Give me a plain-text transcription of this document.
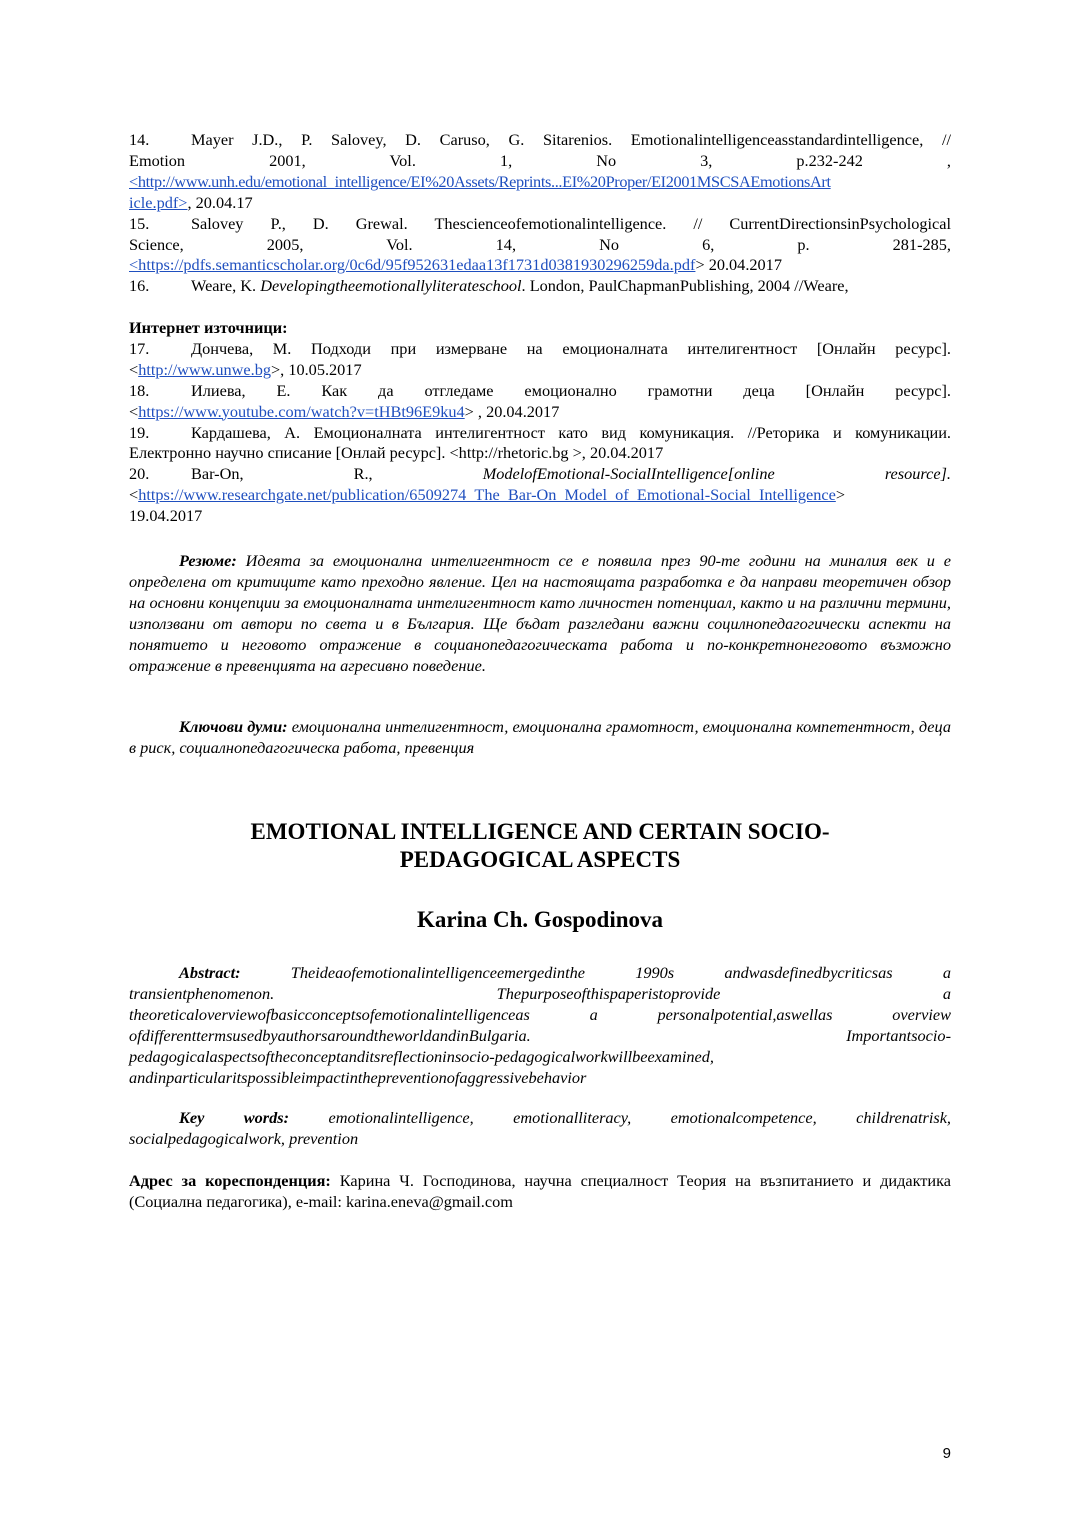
14.	Mayer J.D., P. Salovey, D. Caruso, G. Sitarenios. Emotionalintelligenceasstandardintelligence, //
Emotion 2001, Vol. 1, No 3, p.232-242 ,
<http://www.unh.edu/emotional_intelligence/EI%20Assets/Reprints...EI%20Proper/EI2001MSCSAEmotionsArt
icle.pdf>, 20.04.17
15.	Salovey P., D. Grewal. Thescienceofemotionalintelligence. // CurrentDirectionsinPsychological
Science, 2005, Vol. 14, No 6, p. 281-285,
<https://pdfs.semanticscholar.org/0c6d/95f952631edaa13f1731d0381930296259da.pdf> 20.04.2017
16.	Weare, K. Developingtheemotionallyliterateschool. London, PaulChapmanPublishing, 2004 //Weare,
Интернет източници:
17.	Дончева, М. Подходи при измерване на емоционалната интелигентност [Онлайн ресурс].
<http://www.unwe.bg>, 10.05.2017
18.	Илиева, Е. Как да отгледаме емоционално грамотни деца [Онлайн ресурс].
<https://www.youtube.com/watch?v=tHBt96E9ku4> , 20.04.2017
19.	Кардашева, А. Емоционалната интелигентност като вид комуникация. //Реторика и комуникации.
Електронно научно списание [Онлай ресурс]. <http://rhetoric.bg >, 20.04.2017
20.	Bar-On, R., ModelofEmotional-SocialIntelligence[online resource].
<https://www.researchgate.net/publication/6509274_The_Bar-On_Model_of_Emotional-Social_Intelligence>
19.04.2017
Резюме: Идеята за емоционална интелигентност се е появила през 90-те години на миналия век и е определена от критиците като преходно явление. Цел на настоящата разработка е да направи теоретичен обзор на основни концепции за емоционалната интелигентност като личностен потенциал, както и на различни термини, използвани от автори по света и в България. Ще бъдат разгледани важни социлнопедагогически аспекти на понятието и неговото отражение в социанопедагогическата работа и по-конкретнонеговото възможно отражение в превенцията на агресивно поведение.
Ключови думи: емоционална интелигентност, емоционална грамотност, емоционална компетентност, деца в риск, социалнопедагогическа работа, превенция
EMOTIONAL INTELLIGENCE AND CERTAIN SOCIO-
PEDAGOGICAL ASPECTS
Karina Ch. Gospodinova
Abstract: Theideaofemotionalintelligenceemergedinthe 1990s andwasdefinedbycriticsas a
transientphenomenon. Thepurposeofthispaperistoprovide a
theoreticaloverviewofbasicconceptsofemotionalintelligenceas a personalpotential,aswellas overview
ofdifferenttermsusedbyauthorsaroundtheworldandinBulgaria. Importantsocio-
pedagogicalaspectsoftheconceptanditsreflectioninsocio-pedagogicalworkwillbeexamined,
andinparticularitspossibleimpactinthepreventionofaggressivebehavior
Key words: emotionalintelligence, emotionalliteracy, emotionalcompetence, childrenatrisk,
socialpedagogicalwork, prevention
Адрес за кореспонденция: Карина Ч. Господинова, научна специалност Теория на възпитанието и дидактика (Социална педагогика), e-mail: karina.eneva@gmail.com
9
